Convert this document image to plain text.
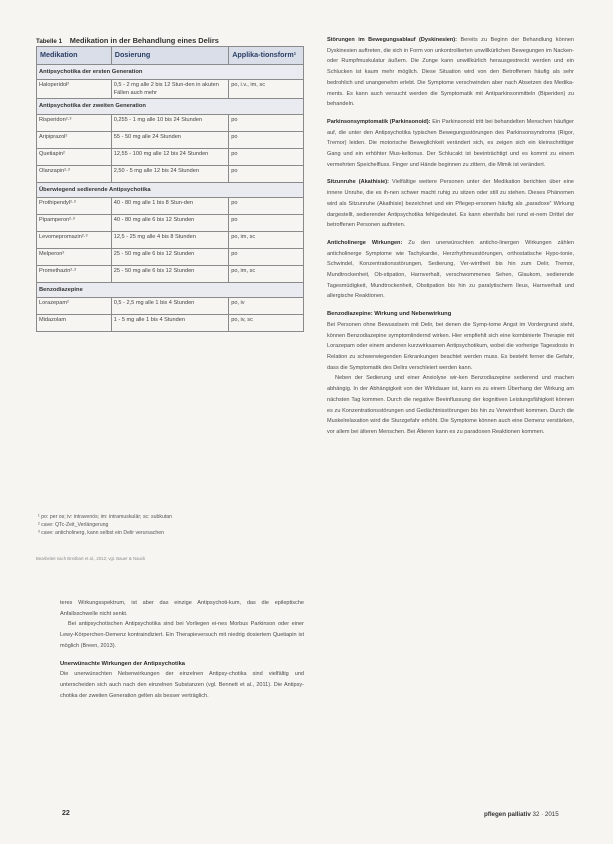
Tabelle 1 Medikation in der Behandlung eines Delirs
Medikation	Dosierung	Applika-tionsform¹
Antipsychotika der ersten Generation		
Haloperidol²	0,5 - 2 mg alle 2 bis 12 Stun-den in akuten Fällen auch mehr	po, i.v., im, sc
Antipsychotika der zweiten Generation		
Risperidon²·³	0,255 - 1 mg alle 10 bis 24 Stunden	po
Aripiprazol²	55 - 50 mg alle 24 Stunden	po
Quetiapin²	12,55 - 100 mg alle 12 bis 24 Stunden	po
Olanzapin²·³	2,50 - 5 mg alle 12 bis 24 Stunden	po
Überwiegend sedierende Antipsychotika		
Prothipendyl²·³	40 - 80 mg alle 1 bis 8 Stun-den	po
Pipamperon²·³	40 - 80 mg alle 6 bis 12 Stunden	po
Levomepromazin²·³	12,5 - 25 mg alle 4 bis 8 Stunden	po, im, sc
Melperon²	25 - 50 mg alle 6 bis 12 Stunden	po
Promethazin²·³	25 - 50 mg alle 6 bis 12 Stunden	po, im, sc
Benzodiazepine		
Lorazepam²	0,5 - 2,5 mg alle 1 bis 4 Stunden	po, iv
Midazolam	1 - 5 mg alle 1 bis 4 Stunden	po, iv, sc
¹ po: per os; iv: intravenös; im: intramuskulär; sc: subkutan
² cave: QTc-Zeit_Verlängerung
³ cave: anticholinerg, kann selbst ein Delir verursachen
Bearbeitet nach Breitbart et al., 2012; vgl. Bauer & Nauck

teres Wirkungsspektrum, ist aber das einzige Antipsychoti-kum, das die epileptische Anfallsschwelle nicht senkt.

Bei antipsychotischen Antipsychotika sind bei Vorliegen ei-nes Morbus Parkinson oder einer Lewy-Körperchen-Demenz kontraindiziert. Ein Therapieversuch mit niedrig dosiertem Quetiapin ist möglich (Breen, 2013).

Unerwünschte Wirkungen der Antipsychotika

Die unerwünschten Nebenwirkungen der einzelnen Antipsy-chotika sind vielfältig und unterscheiden sich auch nach den einzelnen Substanzen (vgl. Bennett et al., 2011). Die Antipsy-chotika der zweiten Generation gelten als besser verträglich.

Störungen im Bewegungsablauf (Dyskinesien): Bereits zu Beginn der Behandlung können Dyskinesien auftreten, die sich in Form von unkontrollierten unwillkürlichen Bewegungen im Nacken- oder Rumpfmuskulatur äußern. Die Zunge kann unwillkürlich herausgestreckt werden und ein Schlucken ist kaum mehr möglich. Diese Situation wird von den Betroffenen häufig als sehr bedrohlich und unangenehm erlebt. Die Symptome verschwinden aber nach Absetzen des Medika-ments. Es kann auch versucht werden die Symptomatik mit Antiparkinsonmitteln (Biperiden) zu behandeln.

Parkinsonsymptomatik (Parkinsonoid): Ein Parkinsonoid tritt bei behandelten Menschen häufiger auf, die unter den Antipsychotika typischen Bewegungsstörungen des Parkinsonsyndroms (Rigor, Tremor) leiden. Die motorische Beweglichkeit verändert sich, es zeigen sich ein kleinschrittiger Gang und ein erhöhter Mus-keltonus. Der Schlucakt ist beeinträchtigt und es kommt zu einem vermehrten Speichelfluss. Finger und Hände beginnen zu zittern, die Mimik ist verändert.

Sitzunruhe (Akathisie): Vielfältige weitere Personen unter der Medikation berichten über eine innere Unruhe, die es ih-nen schwer macht ruhig zu sitzen oder still zu stehen. Dieses Phänomen wird als Sitzunruhe (Akathisie) bezeichnet und ein Pflegep-ersonen häufig als „paradoxe“ Wirkung dargestellt, sedierender Antipsychotika fehlgedeutet. Es kann ebenfalls bei rund ei-nem Drittel der betroffenen Personen auftreten.

Anticholinerge Wirkungen: Zu den unerwünschten anticho-linergen Wirkungen zählen anticholinerge Symptome wie Tachykardie, Herzrhythmusstörungen, orthostatische Hypo-tonie, Schwindel, Konzentrationsstörungen, Sedierung, Ver-wirrtheit bis hin zum Delir, Tremor, Mundtrockenheit, Ob-stipation, Harnverhalt, verschwommenes Sehen, Glaukom, sedierende Tagesmüdigkeit, Mundtrockenheit, Obstipation bis hin zu paralytischem Ileus, Harnverhalt und allergische Reaktionen.

Benzodiazepine: Wirkung und Nebenwirkung

Bei Personen ohne Bewusstsein mit Delir, bei denen die Symp-tome Angst im Vordergrund steht, können Benzodiazepine symptomlindernd wirken. Hier empfiehlt sich eine kombinierte Therapie mit Lorazepam oder einem anderen kurzwirksamen Antipsychotikum, wobei die vorherige Tagesdosis in Relation zu schwerwiegenden Erkrankungen beachtet werden muss. Es besteht ferner die Gefahr, dass die Symptomatik des Delirs verschleiert werden kann.

Neben der Sedierung und einer Anxiolyse wir-ken Benzodiazepine sedierend und machen abhängig. In der Abhängigkeit von der Wirkdauer ist, kann es zu einem Überhang der Wirkung am nächsten Tag kommen. Durch die negative Beeinflussung der kognitiven Leistungsfähigkeit können es zu Konzentrationsstörungen und Gedächtnisstörungen bis hin zu Verwirrtheit kommen. Durch die Muskelrelaxation wird die Sturzgefahr erhöht. Die Symptome können auch eine Demenz verstärken, vor allem bei älteren Menschen. Bei Älteren kann es zu paradoxen Reaktionen kommen.

22	pflegen palliativ 32 · 2015
